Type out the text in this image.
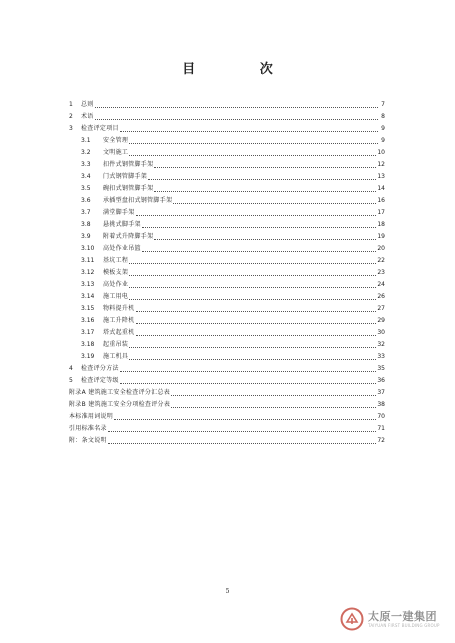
目 次
1	总则	7
2	术语	8
3	检查评定项目	9
3.1	安全管理	9
3.2	文明施工	10
3.3	扣件式钢管脚手架	12
3.4	门式钢管脚手架	13
3.5	碗扣式钢管脚手架	14
3.6	承插型盘扣式钢管脚手架	16
3.7	满堂脚手架	17
3.8	悬挑式脚手架	18
3.9	附着式升降脚手架	19
3.10	高处作业吊篮	20
3.11	基坑工程	22
3.12	模板支架	23
3.13	高处作业	24
3.14	施工用电	26
3.15	物料提升机	27
3.16	施工升降机	29
3.17	塔式起重机	30
3.18	起重吊装	32
3.19	施工机具	33
4	检查评分方法	35
5	检查评定等级	36
附录A 建筑施工安全检查评分汇总表	37
附录B 建筑施工安全分项检查评分表	38
本标准用词说明	70
引用标准名录	71
附：条文说明	72
5
太原一建集团
TAIYUAN FIRST BUILDING GROUP
